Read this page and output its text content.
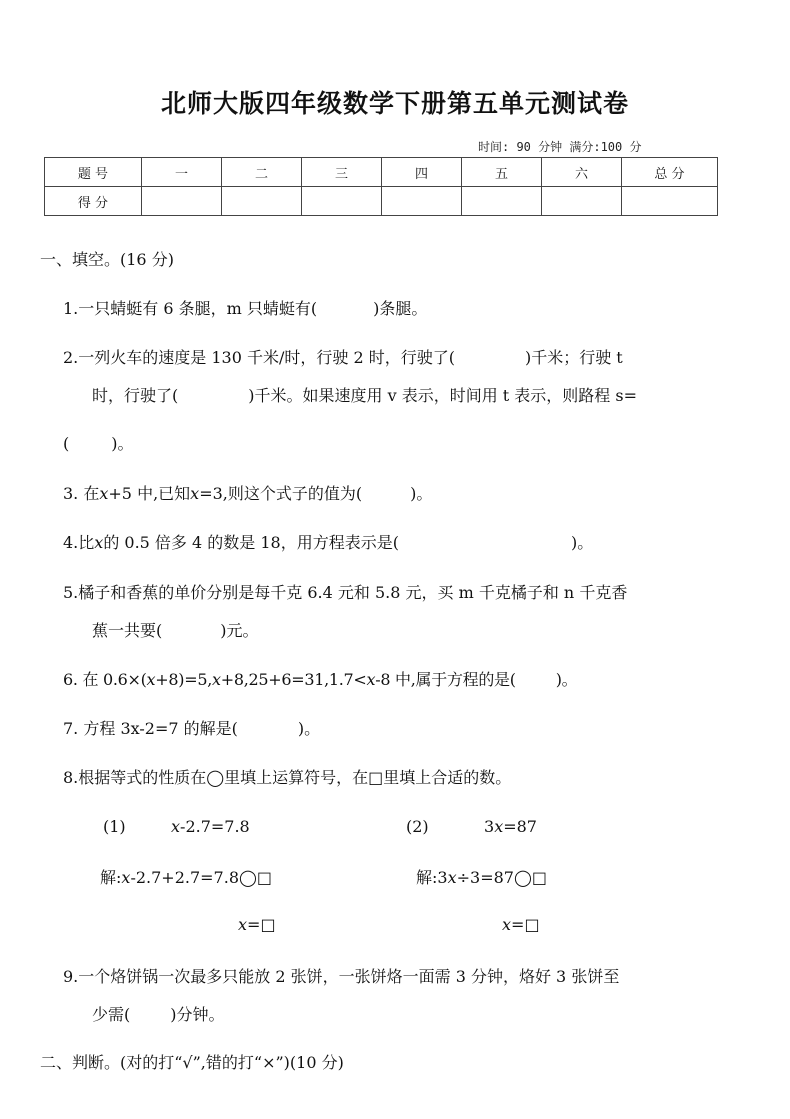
北师大版四年级数学下册第五单元测试卷
时间: 90 分钟 满分:100 分
题 号	一	二	三	四	五	六	总 分
得 分							
一、填空。(16 分)
1.一只蜻蜓有 6 条腿，m 只蜻蜓有(	)条腿。
2.一列火车的速度是 130 千米/时，行驶 2 时，行驶了(	)千米；行驶 t
时，行驶了(	)千米。如果速度用 v 表示，时间用 t 表示，则路程 s=
(	)。
3. 在x+5 中,已知x=3,则这个式子的值为(	)。
4.比x的 0.5 倍多 4 的数是 18，用方程表示是(	)。
5.橘子和香蕉的单价分别是每千克 6.4 元和 5.8 元，买 m 千克橘子和 n 千克香
蕉一共要(	)元。
6. 在 0.6×(x+8)=5,x+8,25+6=31,1.7<x-8 中,属于方程的是(	)。
7. 方程 3x-2=7 的解是(	)。
8.根据等式的性质在◯里填上运算符号，在□里填上合适的数。
(1)	x-2.7=7.8	(2)	3x=87
解:x-2.7+2.7=7.8◯□	解:3x÷3=87◯□
x=□	x=□
9.一个烙饼锅一次最多只能放 2 张饼，一张饼烙一面需 3 分钟，烙好 3 张饼至
少需(	)分钟。
二、判断。(对的打“√”,错的打“×”)(10 分)
